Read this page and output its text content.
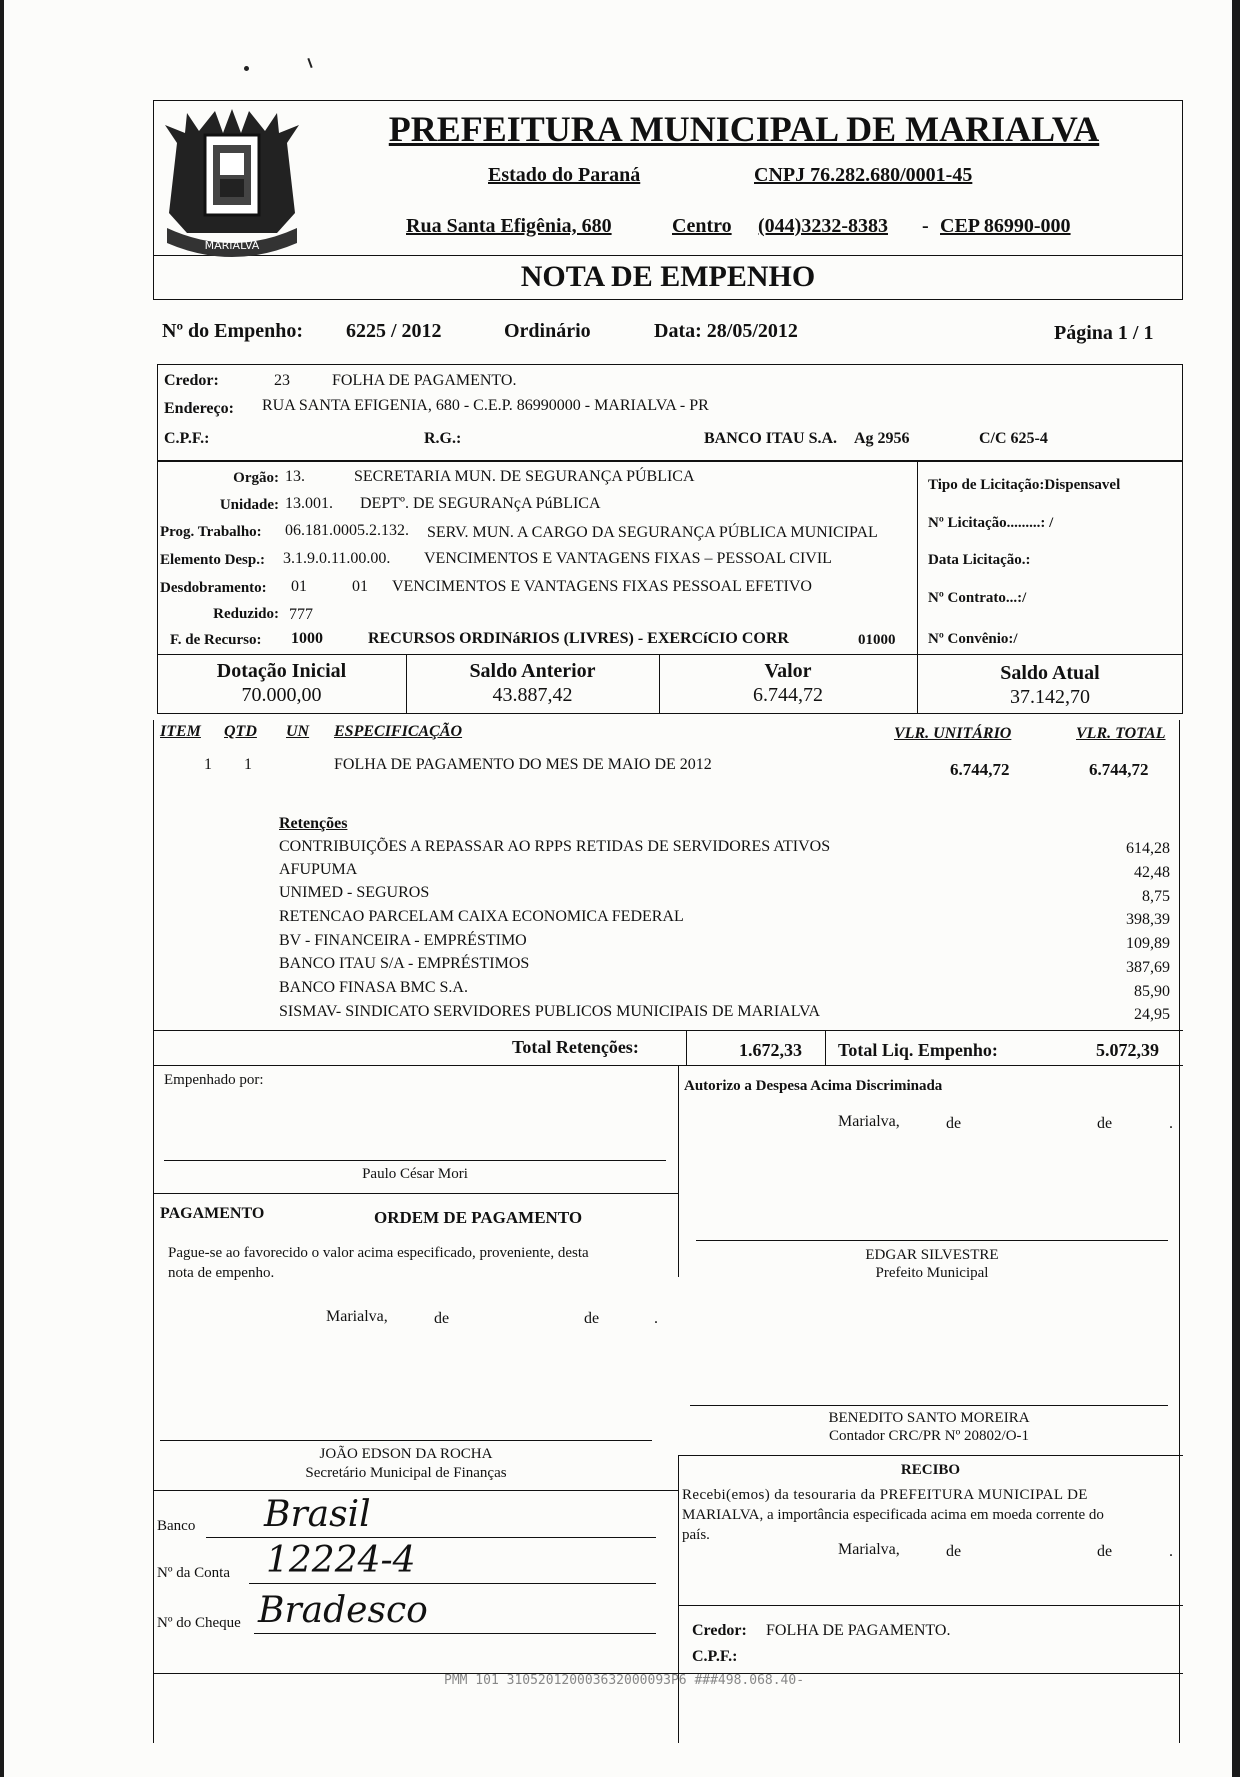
MARIALVA
PREFEITURA MUNICIPAL DE MARIALVA
Estado do Paraná	CNPJ 76.282.680/0001-45
Rua Santa Efigênia, 680	Centro (044)3232-8383 - CEP 86990-000
NOTA DE EMPENHO
Nº do Empenho: 6225 / 2012	Ordinário	Data: 28/05/2012	Página 1 / 1
Credor:	23	FOLHA DE PAGAMENTO.
Endereço: RUA SANTA EFIGENIA, 680 - C.E.P. 86990000 - MARIALVA - PR
C.P.F.:	R.G.:	BANCO ITAU S.A. Ag 2956	C/C 625-4
Orgão: 13.	SECRETARIA MUN. DE SEGURANÇA PÚBLICA
Unidade: 13.001. DEPTº. DE SEGURANçA PúBLICA
Prog. Trabalho: 06.181.0005.2.132. SERV. MUN. A CARGO DA SEGURANÇA PÚBLICA MUNICIPAL
Elemento Desp.: 3.1.9.0.11.00.00. VENCIMENTOS E VANTAGENS FIXAS – PESSOAL CIVIL
Desdobramento: 01	01 VENCIMENTOS E VANTAGENS FIXAS PESSOAL EFETIVO
Reduzido: 777
F. de Recurso: 1000	RECURSOS ORDINáRIOS (LIVRES) - EXERCíCIO CORR	01000
Tipo de Licitação:Dispensavel
Nº Licitação.........: /
Data Licitação.:
Nº Contrato...:/
Nº Convênio:/
Dotação Inicial
70.000,00
Saldo Anterior
43.887,42
Valor
6.744,72
Saldo Atual
37.142,70
ITEM QTD UN ESPECIFICAÇÃO	VLR. UNITÁRIO	VLR. TOTAL
1 1	FOLHA DE PAGAMENTO DO MES DE MAIO DE 2012	6.744,72	6.744,72
Retenções
CONTRIBUIÇÕES A REPASSAR AO RPPS RETIDAS DE SERVIDORES ATIVOS	614,28
AFUPUMA	42,48
UNIMED - SEGUROS	8,75
RETENCAO PARCELAM CAIXA ECONOMICA FEDERAL	398,39
BV - FINANCEIRA - EMPRÉSTIMO	109,89
BANCO ITAU S/A - EMPRÉSTIMOS	387,69
BANCO FINASA BMC S.A.	85,90
SISMAV- SINDICATO SERVIDORES PUBLICOS MUNICIPAIS DE MARIALVA	24,95
Total Retenções:	1.672,33 Total Liq. Empenho:	5.072,39
Empenhado por:
Paulo César Mori
Autorizo a Despesa Acima Discriminada
Marialva,	de	de	.
PAGAMENTO	ORDEM DE PAGAMENTO
Pague-se ao favorecido o valor acima especificado, proveniente, desta
nota de empenho.
Marialva,	de	de	.
EDGAR SILVESTRE
Prefeito Municipal
BENEDITO SANTO MOREIRA
Contador CRC/PR Nº 20802/O-1
JOÃO EDSON DA ROCHA
Secretário Municipal de Finanças	RECIBO
Recebi(emos) da tesouraria da PREFEITURA MUNICIPAL DE
MARIALVA, a importância especificada acima em moeda corrente do
país.
Marialva,	de	de	.
Banco Brasil
Nº da Conta 12224-4
Nº do Cheque Bradesco	Credor: FOLHA DE PAGAMENTO.
C.P.F.:
PMM 101 310520120003632000093P6 ###498.068.40-
